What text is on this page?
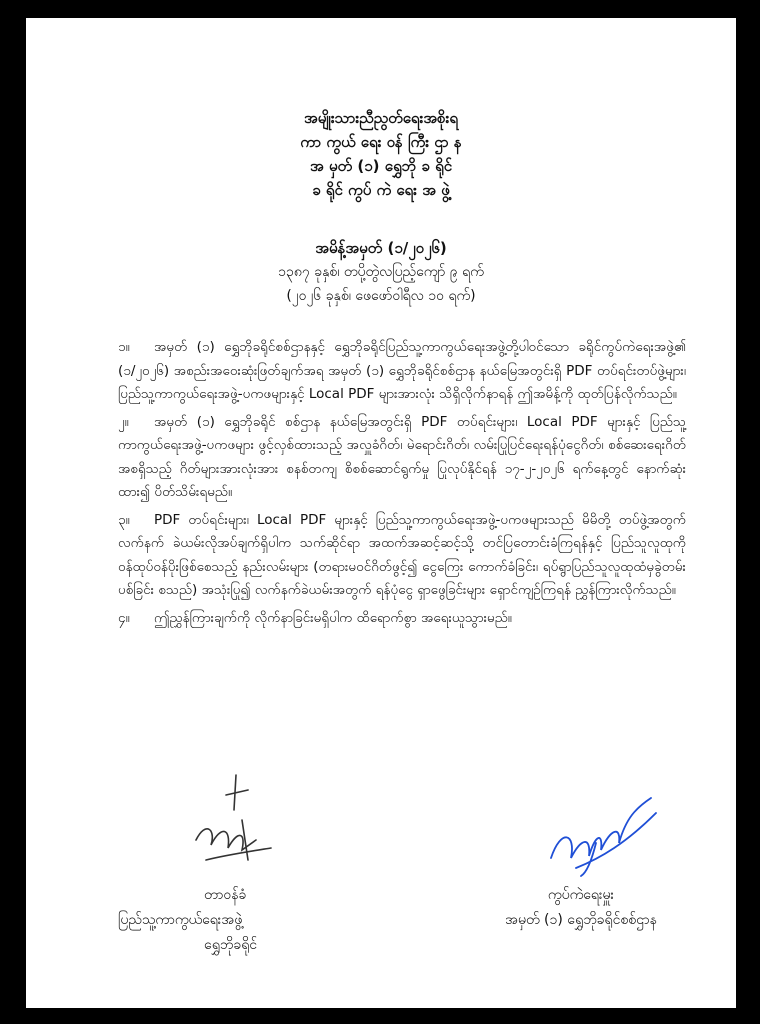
အမျိုးသားညီညွတ်ရေးအစိုးရ
ကာ ကွယ် ရေး ဝန် ကြီး ဌာ န
အ မှတ် (၁) ရွှေဘို ခ ရိုင်
ခ ရိုင် ကွပ် ကဲ ရေး အ ဖွဲ့
အမိန့်အမှတ် (၁/၂၀၂၆)
၁၃၈၇ ခုနှစ်၊ တပို့တွဲလပြည့်ကျော် ၉ ရက်
(၂၀၂၆ ခုနှစ်၊ ဖေဖော်ဝါရီလ ၁၀ ရက်)

၁။ အမှတ် (၁) ရွှေဘိုခရိုင်စစ်ဌာနနှင့် ရွှေဘိုခရိုင်ပြည်သူ့ကာကွယ်ရေးအဖွဲ့တို့ပါဝင်သော ခရိုင်ကွပ်ကဲရေးအဖွဲ့၏ (၁/၂၀၂၆) အစည်းအဝေးဆုံးဖြတ်ချက်အရ အမှတ် (၁) ရွှေဘိုခရိုင်စစ်ဌာန နယ်မြေအတွင်းရှိ PDF တပ်ရင်းတပ်ဖွဲ့များ၊ ပြည်သူ့ကာကွယ်ရေးအဖွဲ့-ပကဖများနှင့် Local PDF များအားလုံး သိရှိလိုက်နာရန် ဤအမိန့်ကို ထုတ်ပြန်လိုက်သည်။

၂။ အမှတ် (၁) ရွှေဘိုခရိုင် စစ်ဌာန နယ်မြေအတွင်းရှိ PDF တပ်ရင်းများ၊ Local PDF များနှင့် ပြည်သူ့ကာကွယ်ရေးအဖွဲ့-ပကဖများ ဖွင့်လှစ်ထားသည့် အလှူခံဂိတ်၊ မဲရောင်းဂိတ်၊ လမ်းပြုပြင်ရေးရန်ပုံငွေဂိတ်၊ စစ်ဆေးရေးဂိတ် အစရှိသည့် ဂိတ်များအားလုံးအား စနစ်တကျ စိစစ်ဆောင်ရွက်မှု ပြုလုပ်နိုင်ရန် ၁၇-၂-၂၀၂၆ ရက်နေ့တွင် နောက်ဆုံးထား၍ ပိတ်သိမ်းရမည်။

၃။ PDF တပ်ရင်းများ၊ Local PDF များနှင့် ပြည်သူ့ကာကွယ်ရေးအဖွဲ့-ပကဖများသည် မိမိတို့ တပ်ဖွဲ့အတွက် လက်နက် ခဲယမ်းလိုအပ်ချက်ရှိပါက သက်ဆိုင်ရာ အထက်အဆင့်ဆင့်သို့ တင်ပြတောင်းခံကြရန်နှင့် ပြည်သူလူထုကို ဝန်ထုပ်ဝန်ပိုးဖြစ်စေသည့် နည်းလမ်းများ (တရားမဝင်ဂိတ်ဖွင့်၍ ငွေကြေး ကောက်ခံခြင်း၊ ရပ်ရွာပြည်သူလူထုထံမှခွဲတမ်းပစ်ခြင်း စသည်) အသုံးပြု၍ လက်နက်ခဲယမ်းအတွက် ရန်ပုံငွေ ရှာဖွေခြင်းများ ရှောင်ကျဉ်ကြရန် ညွှန်ကြားလိုက်သည်။

၄။ ဤညွှန်ကြားချက်ကို လိုက်နာခြင်းမရှိပါက ထိရောက်စွာ အရေးယူသွားမည်။

တာဝန်ခံ
ပြည်သူ့ကာကွယ်ရေးအဖွဲ့
ရွှေဘိုခရိုင်
ကွပ်ကဲရေးမှူး
အမှတ် (၁) ရွှေဘိုခရိုင်စစ်ဌာန
